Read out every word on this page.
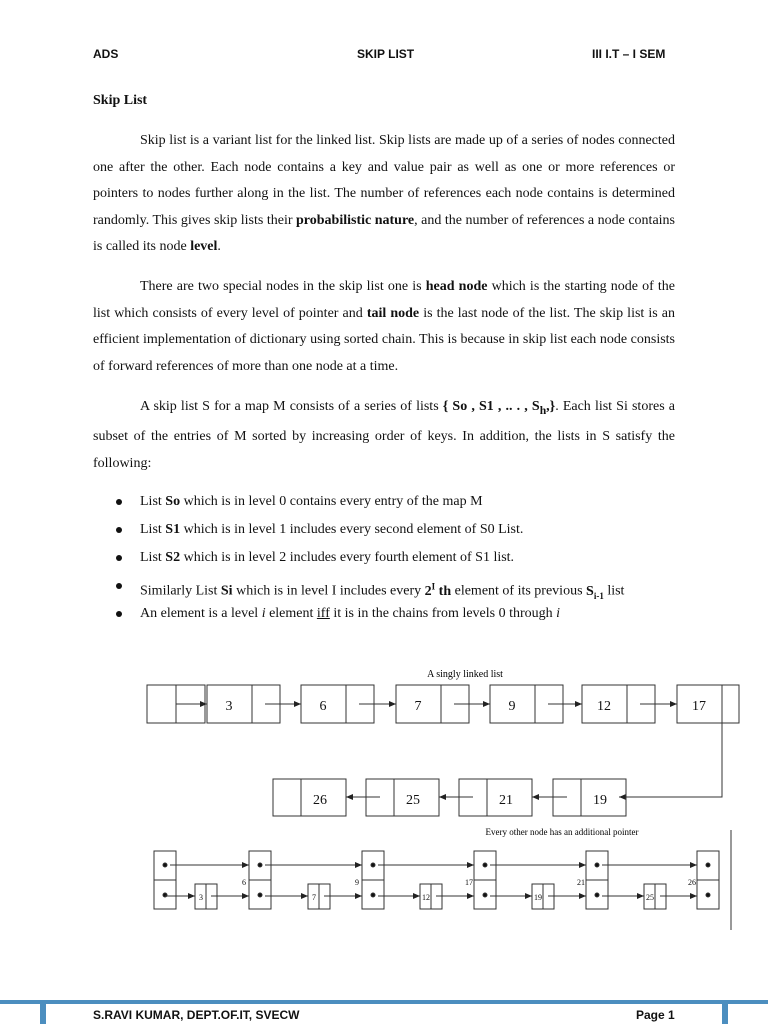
ADS	SKIP LIST	III I.T – I SEM
Skip List
Skip list is a variant list for the linked list. Skip lists are made up of a series of nodes connected one after the other. Each node contains a key and value pair as well as one or more references or pointers to nodes further along in the list. The number of references each node contains is determined randomly. This gives skip lists their probabilistic nature, and the number of references a node contains is called its node level.
There are two special nodes in the skip list one is head node which is the starting node of the list which consists of every level of pointer and tail node is the last node of the list. The skip list is an efficient implementation of dictionary using sorted chain. This is because in skip list each node consists of forward references of more than one node at a time.
A skip list S for a map M consists of a series of lists { So , S1 , .. . , $S_h$,}. Each list Si stores a subset of the entries of M sorted by increasing order of keys. In addition, the lists in S satisfy the following:
List So which is in level 0 contains every entry of the map M
List S1 which is in level 1 includes every second element of S0 List.
List S2 which is in level 2 includes every fourth element of S1 list.
Similarly List Si which is in level I includes every $2^I$ th element of its previous $S_{i-1}$ list
An element is a level i element iff it is in the chains from levels 0 through i
A singly linked list
3	6	7	9	12	17
26	25	21	19
Every other node has an additional pointer
3	7	12	19	25
6	9	17	21	26
S.RAVI KUMAR, DEPT.OF.IT, SVECW	Page 1
